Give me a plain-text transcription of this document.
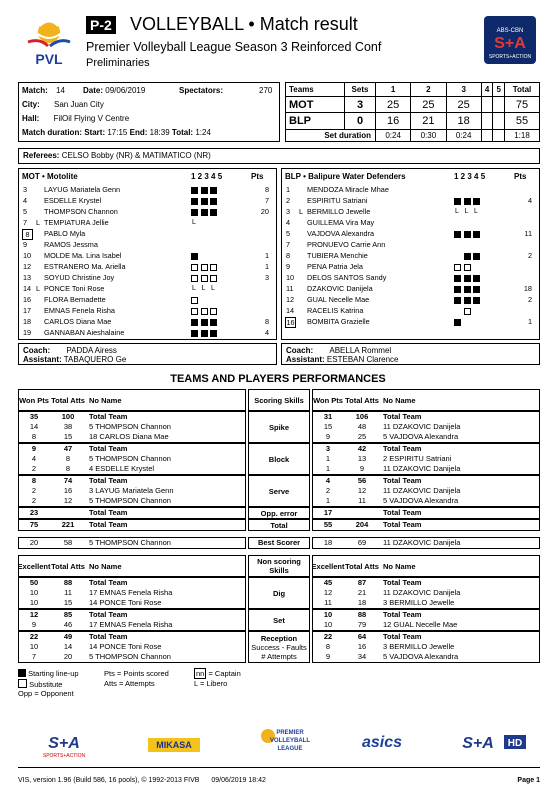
PVL
P-2 VOLLEYBALL • Match result
Premier Volleyball League Season 3 Reinforced Conf
Preliminaries
ABS-CBN
S+A
SPORTS+ACTION
Match: 14 Date: 09/06/2019	Spectators:	270
City: San Juan City
Hall: FilOil Flying V Centre
Match duration: Start: 17:15 End: 18:39 Total: 1:24
Teams	Sets	1	2	3	4	5	Total
MOT	3	25	25	25			75
BLP	0	16	21	18			55
Set duration		0:24	0:30	0:24			1:18
Referees: CELSO Bobby (NR) & MATIMATICO (NR)
MOT • Motolite	1 2 3 4 5	Pts
3	LAYUG Mariatela Genn	8
4	ESDELLE Krystel	7
5	THOMPSON Channon	20
7	L TEMPIATURA Jellie	L
8	PABLO Myla
9	RAMOS Jessma
10	MOLDE Ma. Lina Isabel	1
12	ESTRANERO Ma. Ariella	1
13	SOYUD Christine Joy	3
14 L PONCE Toni Rose	L L L
16	FLORA Bernadette
17	EMNAS Fenela Risha
18	CARLOS Diana Mae	8
19	GANNABAN Aieshalaine	4
BLP • Balipure Water Defenders	1 2 3 4 5	Pts
1	MENDOZA Miracle Mhae
2	ESPIRITU Satriani	4
3	L BERMILLO Jewelle	L L L
4	GUILLEMA Vira May
5	VAJDOVA Alexandra	11
7	PRONUEVO Carrie Ann
8	TUBIERA Menchie	2
9	PENA Patria Jela
10	DELOS SANTOS Sandy
11	DZAKOVIC Danijela	18
12	GUAL Necelle Mae	2
14	RACELIS Katrina
16 BOMBITA Grazielle	1
Coach: PADDA Airess
Assistant: TABAQUERO Ge
Coach: ABELLA Rommel
Assistant: ESTEBAN Clarence
TEAMS AND PLAYERS PERFORMANCES
Won Pts Total Atts No Name	Won Pts Total Atts No Name
Scoring Skills
35	100	Total Team
14	38	5 THOMPSON Channon
8	15	18 CARLOS Diana Mae
31	106	Total Team
15	48	11 DZAKOVIC Danijela
9	25	5 VAJDOVA Alexandra
Spike
9	47	Total Team
4	8	5 THOMPSON Channon
2	8	4 ESDELLE Krystel
3	42	Total Team
1	13	2 ESPIRITU Satriani
1	9	11 DZAKOVIC Danijela
Block
8	74	Total Team
2	16	3 LAYUG Mariatela Genn
2	12	5 THOMPSON Channon
4	56	Total Team
2	12	11 DZAKOVIC Danijela
1	11	5 VAJDOVA Alexandra
Serve
23	Total Team	17	Total Team
Opp. error
75	221	Total Team	55	204	Total Team
Total
20	58	5 THOMPSON Channon	18	69	11 DZAKOVIC Danijela
Best Scorer
Excellent Total Atts No Name	Excellent Total Atts No Name
Non scoring Skills
50	88	Total Team
10	11	17 EMNAS Fenela Risha
10	15	14 PONCE Toni Rose
45	87	Total Team
12	21	11 DZAKOVIC Danijela
11	18	3 BERMILLO Jewelle
Dig
12	85	Total Team
9	46	17 EMNAS Fenela Risha
10	88	Total Team
10	79	12 GUAL Necelle Mae
Set
22	49	Total Team
10	14	14 PONCE Toni Rose
7	20	5 THOMPSON Channon
22	64	Total Team
8	16	3 BERMILLO Jewelle
9	34	5 VAJDOVA Alexandra
Reception
Success - Faults
# Attempts
Starting line-up
Substitute
Opp = Opponent
Pts = Points scored
Atts = Attempts
nn = Captain
L = Libero
S+A
SPORTS+ACTION
MIKASA
PREMIER
VOLLEYBALL
LEAGUE	asics	S+A HD
VIS, version 1.96 (Build 586, 16 pools), © 1992-2013 FIVB 09/06/2019 18:42	Page 1
